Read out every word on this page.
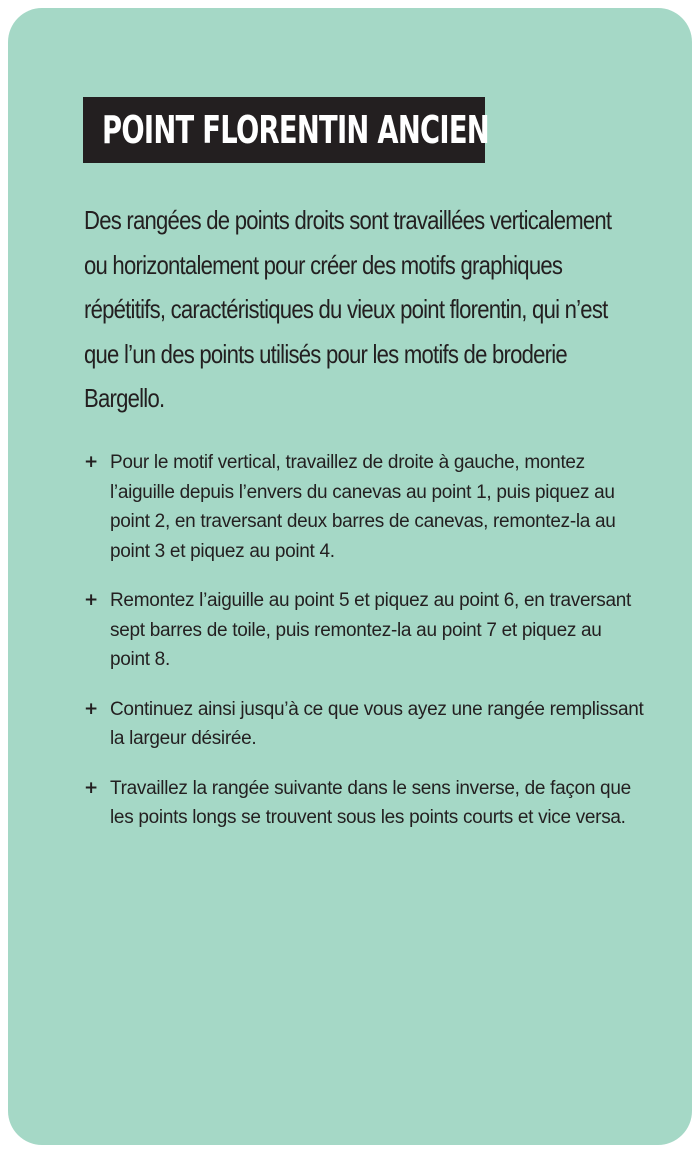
POINT FLORENTIN ANCIEN

Des rangées de points droits sont travaillées verticalement ou horizontalement pour créer des motifs graphiques répétitifs, caractéristiques du vieux point florentin, qui n’est que l’un des points utilisés pour les motifs de broderie Bargello.

+ Pour le motif vertical, travaillez de droite à gauche, montez l’aiguille depuis l’envers du canevas au point 1, puis piquez au point 2, en traversant deux barres de canevas, remontez-la au point 3 et piquez au point 4.
+ Remontez l’aiguille au point 5 et piquez au point 6, en traversant sept barres de toile, puis remontez-la au point 7 et piquez au point 8.
+ Continuez ainsi jusqu’à ce que vous ayez une rangée remplissant la largeur désirée.
+ Travaillez la rangée suivante dans le sens inverse, de façon que les points longs se trouvent sous les points courts et vice versa.
